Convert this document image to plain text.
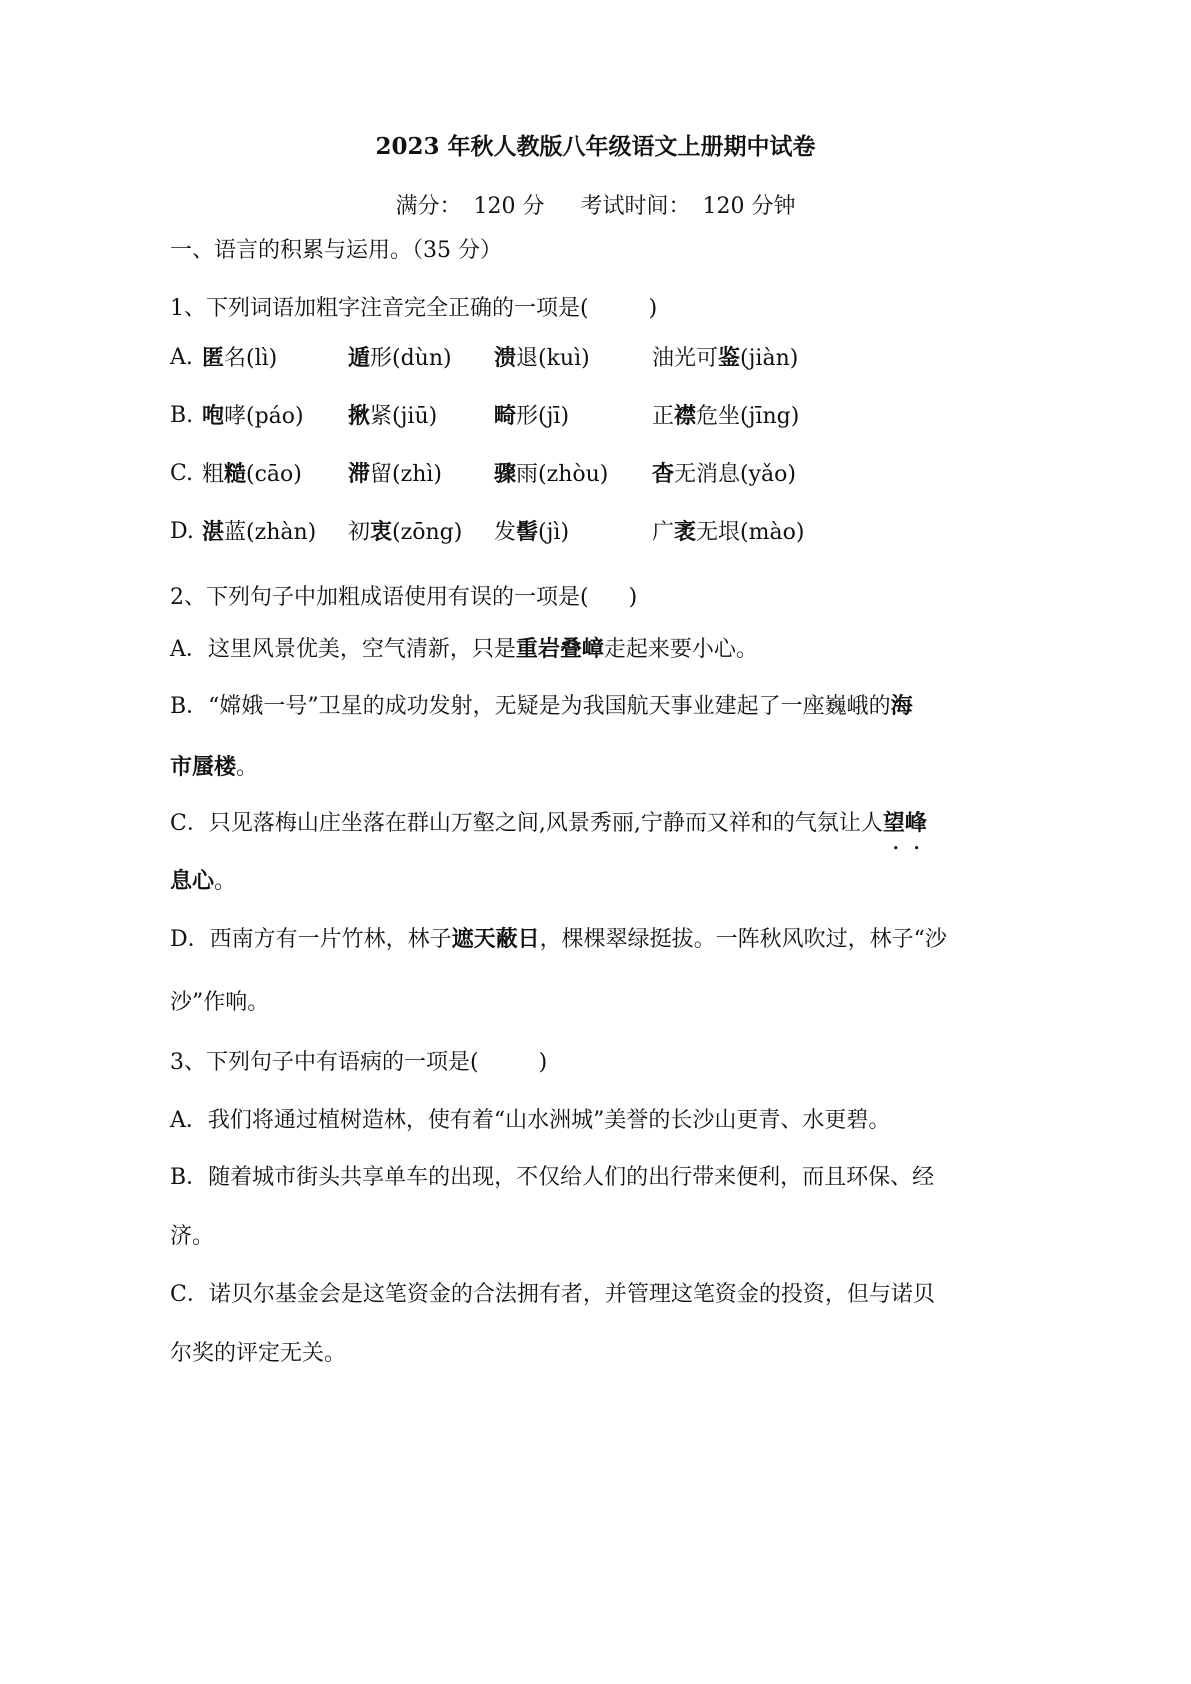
2023 年秋人教版八年级语文上册期中试卷
满分： 120 分 考试时间： 120 分钟
一、语言的积累与运用。（35 分）
1、下列词语加粗字注音完全正确的一项是(	)
A. 匿名(lì)	遁形(dùn) 溃退(kuì)	油光可鉴(jiàn)
B. 咆哮(páo) 揪紧(jiū)	畸形(jī)	正襟危坐(jīng)
C. 粗糙(cāo) 滞留(zhì) 骤雨(zhòu) 杳无消息(yǎo)
D. 湛蓝(zhàn) 初衷(zōng) 发髻(jì)	广袤无垠(mào)
2、下列句子中加粗成语使用有误的一项是( )
A．这里风景优美，空气清新，只是重岩叠嶂走起来要小心。
B．“嫦娥一号”卫星的成功发射，无疑是为我国航天事业建起了一座巍峨的海
市蜃楼。
C．只见落梅山庄坐落在群山万壑之间,风景秀丽,宁静而又祥和的气氛让人望峰 • •
息心。
D．西南方有一片竹林，林子遮天蔽日，棵棵翠绿挺拔。一阵秋风吹过，林子“沙
沙”作响。
3、下列句子中有语病的一项是(	)
A．我们将通过植树造林，使有着“山水洲城”美誉的长沙山更青、水更碧。
B．随着城市街头共享单车的出现，不仅给人们的出行带来便利，而且环保、经
济。
C．诺贝尔基金会是这笔资金的合法拥有者，并管理这笔资金的投资，但与诺贝
尔奖的评定无关。
